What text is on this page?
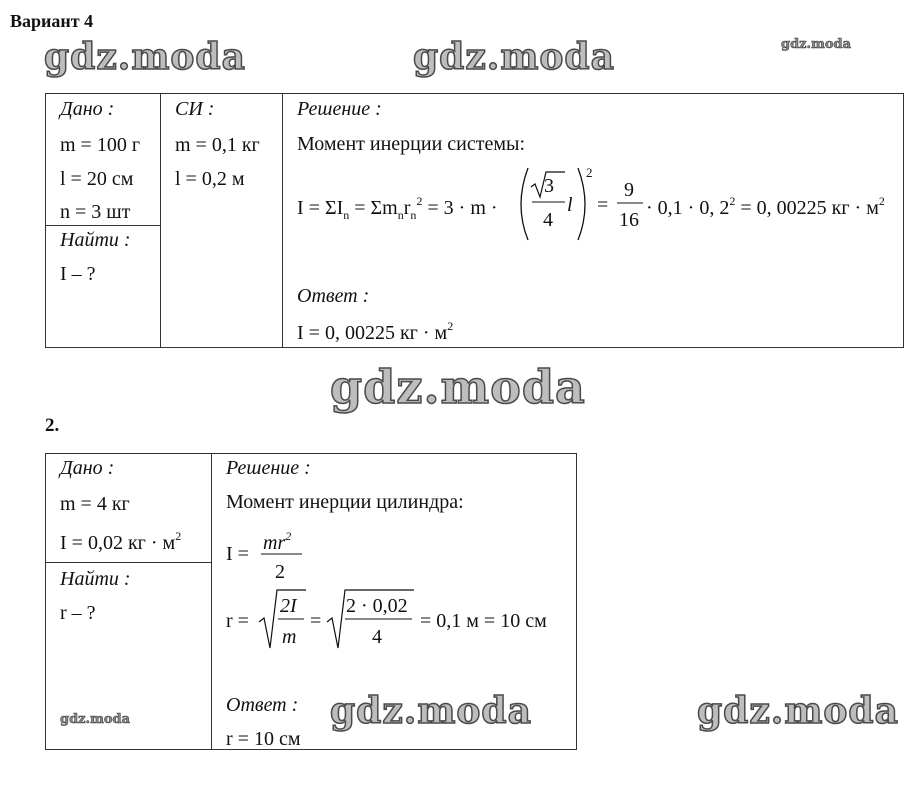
Вариант 4
gdz.moda	gdz.moda	gdz.moda
Дано :
m = 100 г
l = 20 см
n = 3 шт
Найти :
I – ?
СИ :
m = 0,1 кг
l = 0,2 м
Решение :
Момент инерции системы:
$I = \Sigma I_n = \Sigma m_nr_n^2 = 3 \cdot m$ ·
3
4
l
2
=
9
16
· 0,1 · 0, $2^2 = 0$, 00225 кг · $м^2$
Ответ :
I = 0, 00225 кг · $м^2$
gdz.moda
2.
Дано :
m = 4 кг
I = 0,02 кг · $м^2$
Найти :
r – ?
Решение :
Момент инерции цилиндра:
$I = mr^2$
2
r =
2I
m
=
2 · 0,02
4
= 0,1 м = 10 см
Ответ :
r = 10 см
gdz.moda	gdz.moda	gdz.moda
